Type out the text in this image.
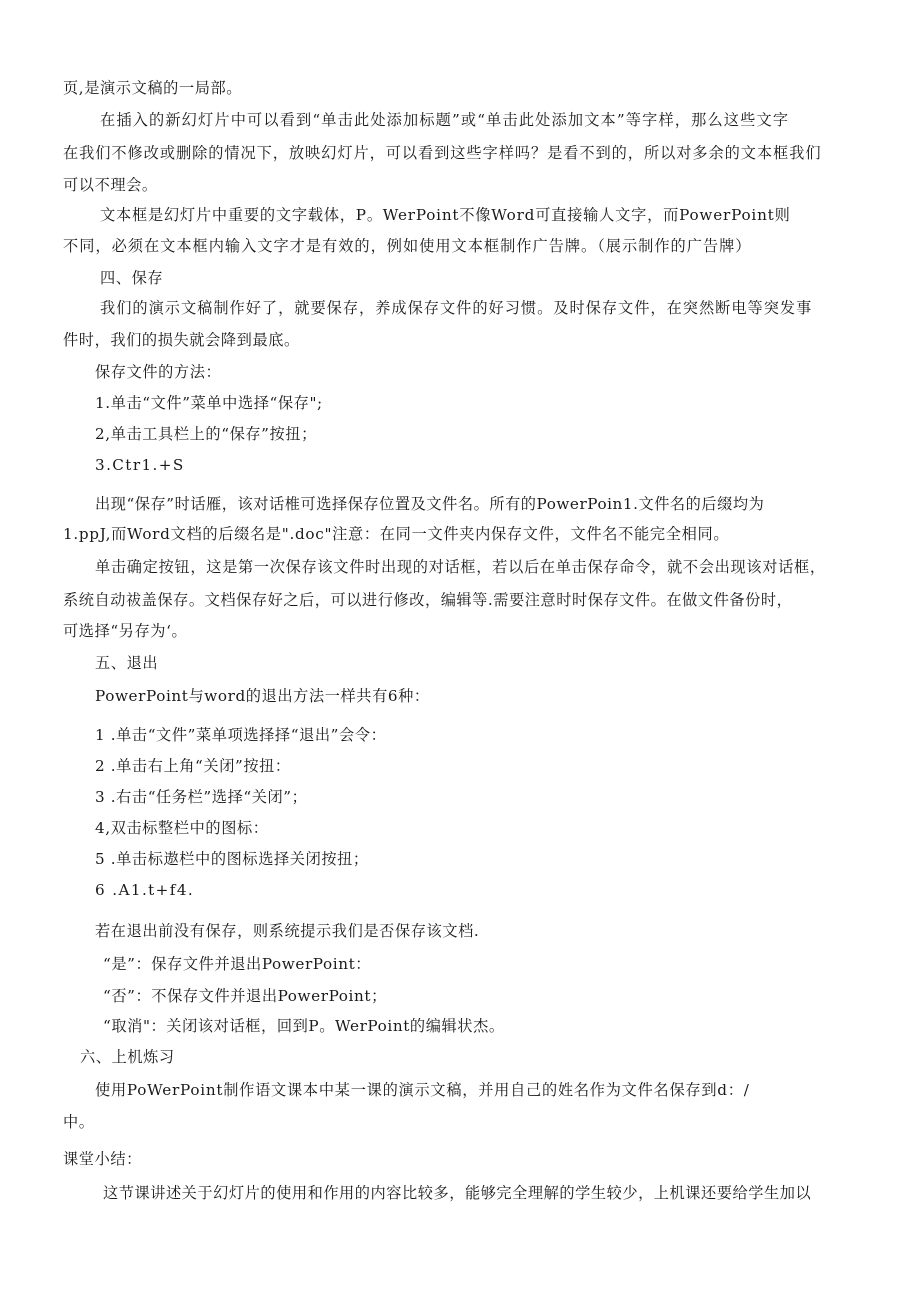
页,是演示文稿的一局部。
在插入的新幻灯片中可以看到“单击此处添加标题”或“单击此处添加文本”等字样，那么这些文字
在我们不修改或删除的情况下，放映幻灯片，可以看到这些字样吗？是看不到的，所以对多余的文本框我们
可以不理会。
文本框是幻灯片中重要的文字载体，P。WerPoint不像Word可直接输人文字，而PowerPoint则
不同，必须在文本框内输入文字才是有效的，例如使用文本框制作广告牌。（展示制作的广告牌）
四、保存
我们的演示文稿制作好了，就要保存，养成保存文件的好习惯。及时保存文件，在突然断电等突发事
件时，我们的损失就会降到最底。
保存文件的方法：
1.单击“文件”菜单中选择“保存";
2,单击工具栏上的“保存”按扭；
3.Ctr1.+S
出现“保存”时话雁，该对话椎可选择保存位置及文件名。所有的PowerPoin1.文件名的后缀均为
1.ppJ,而Word文档的后缀名是".doc"注意：在同一文件夹内保存文件，文件名不能完全相同。
单击确定按钮，这是第一次保存该文件时出现的对话框，若以后在单击保存命令，就不会出现该对话框，
系统自动祓盖保存。文档保存好之后，可以进行修改，编辑等.需要注意时时保存文件。在做文件备份时，
可选择“另存为‘。
五、退出
PowerPoint与word的退出方法一样共有6种：
1 .单击“文件”菜单项选择择“退出”会令：
2 .单击右上角“关闭”按扭：
3 .右击“任务栏”选择“关闭”；
4,双击标整栏中的图标：
5 .单击标遨栏中的图标选择关闭按扭；
6 .A1.t+f4.
若在退出前没有保存，则系统提示我们是否保存该文档.
“是”：保存文件并退出PowerPoint：
“否”：不保存文件并退出PowerPoint；
“取消"：关闭该对话框，回到P。WerPoint的编辑状杰。
六、上机炼习
使用PoWerPoint制作语文课本中某一课的演示文稿，并用自己的姓名作为文件名保存到d：/
中。
课堂小结：
这节课讲述关于幻灯片的使用和作用的内容比较多，能够完全理解的学生较少，上机课还要给学生加以
